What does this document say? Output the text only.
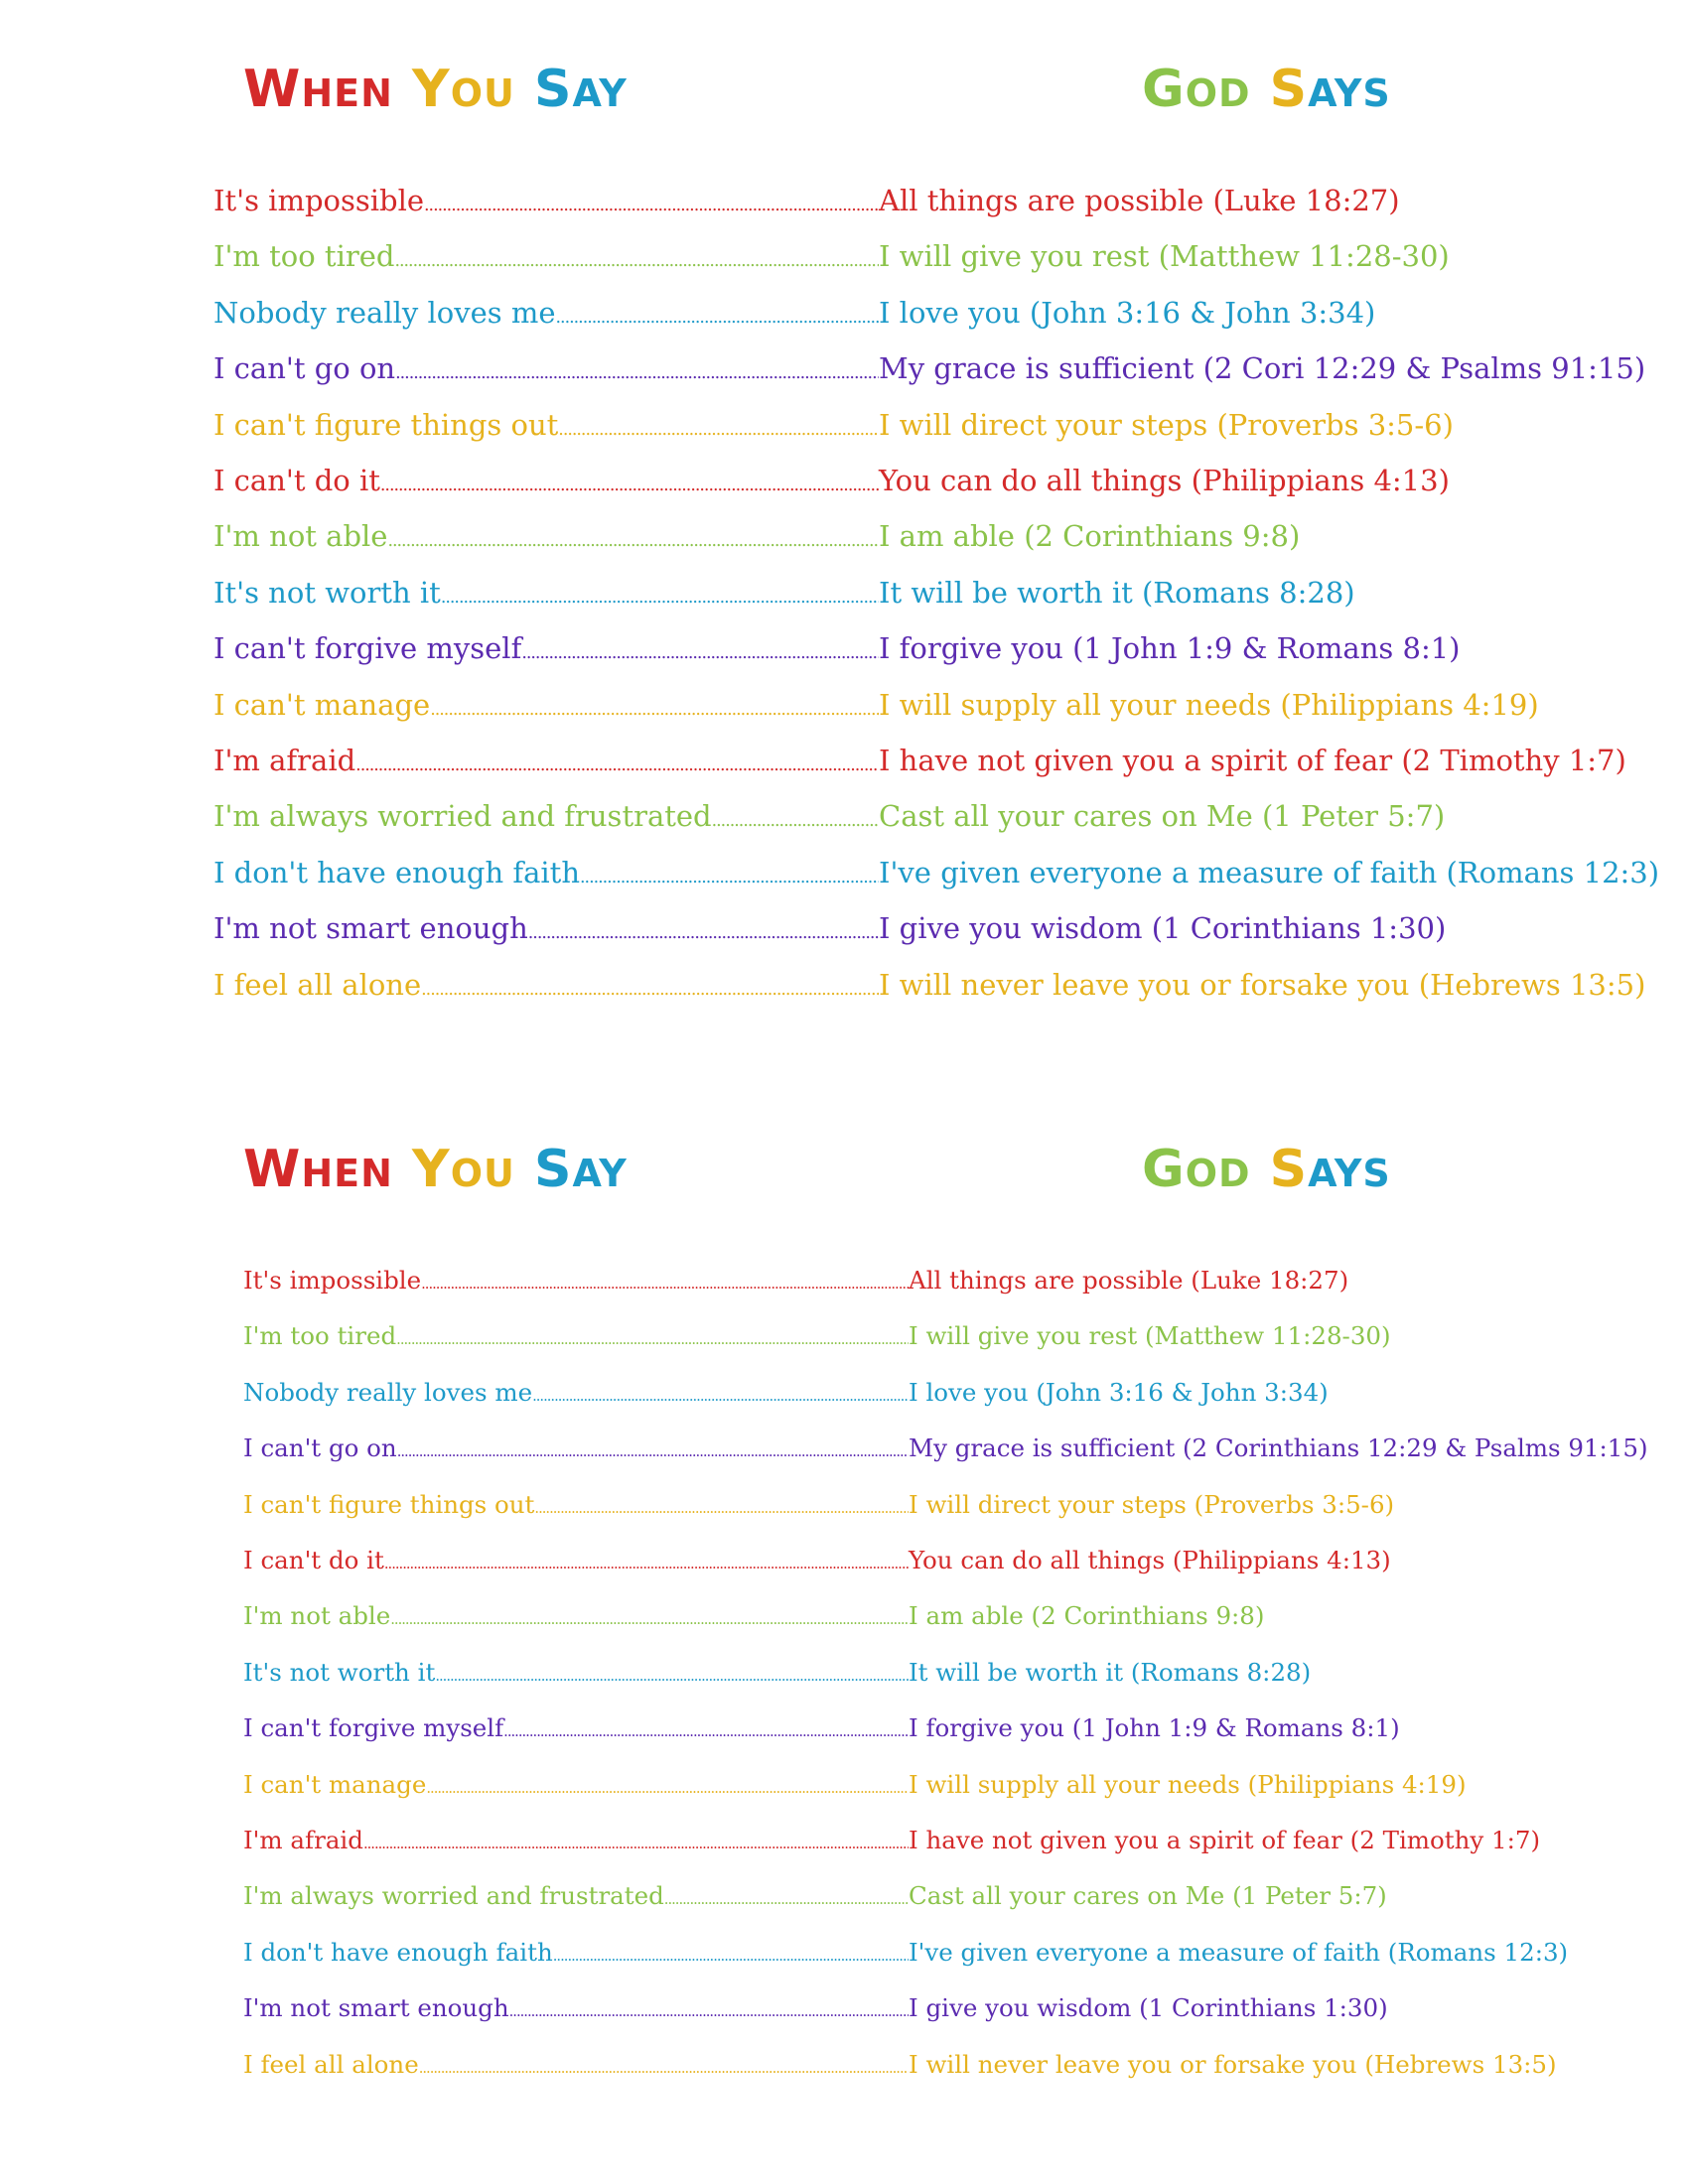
WHEN YOU SAY	GOD SAYS
It's impossible .....	All things are possible (Luke 18:27)
I'm too tired .....	I will give you rest (Matthew 11:28-30)
Nobody really loves me .....	I love you (John 3:16 & John 3:34)
I can't go on .....	My grace is sufficient (2 Cori 12:29 & Psalms 91:15)
I can't figure things out .....	I will direct your steps (Proverbs 3:5-6)
I can't do it .....	You can do all things (Philippians 4:13)
I'm not able .....	I am able (2 Corinthians 9:8)
It's not worth it .....	It will be worth it (Romans 8:28)
I can't forgive myself .....	I forgive you (1 John 1:9 & Romans 8:1)
I can't manage .....	I will supply all your needs (Philippians 4:19)
I'm afraid .....	I have not given you a spirit of fear (2 Timothy 1:7)
I'm always worried and frustrated .....	Cast all your cares on Me (1 Peter 5:7)
I don't have enough faith .....	I've given everyone a measure of faith (Romans 12:3)
I'm not smart enough .....	I give you wisdom (1 Corinthians 1:30)
I feel all alone .....	I will never leave you or forsake you (Hebrews 13:5)
WHEN YOU SAY	GOD SAYS
It's impossible .....	All things are possible (Luke 18:27)
I'm too tired .....	I will give you rest (Matthew 11:28-30)
Nobody really loves me .....	I love you (John 3:16 & John 3:34)
I can't go on .....	My grace is sufficient (2 Corinthians 12:29 & Psalms 91:15)
I can't figure things out .....	I will direct your steps (Proverbs 3:5-6)
I can't do it .....	You can do all things (Philippians 4:13)
I'm not able .....	I am able (2 Corinthians 9:8)
It's not worth it .....	It will be worth it (Romans 8:28)
I can't forgive myself .....	I forgive you (1 John 1:9 & Romans 8:1)
I can't manage .....	I will supply all your needs (Philippians 4:19)
I'm afraid .....	I have not given you a spirit of fear (2 Timothy 1:7)
I'm always worried and frustrated .....	Cast all your cares on Me (1 Peter 5:7)
I don't have enough faith .....	I've given everyone a measure of faith (Romans 12:3)
I'm not smart enough .....	I give you wisdom (1 Corinthians 1:30)
I feel all alone .....	I will never leave you or forsake you (Hebrews 13:5)
